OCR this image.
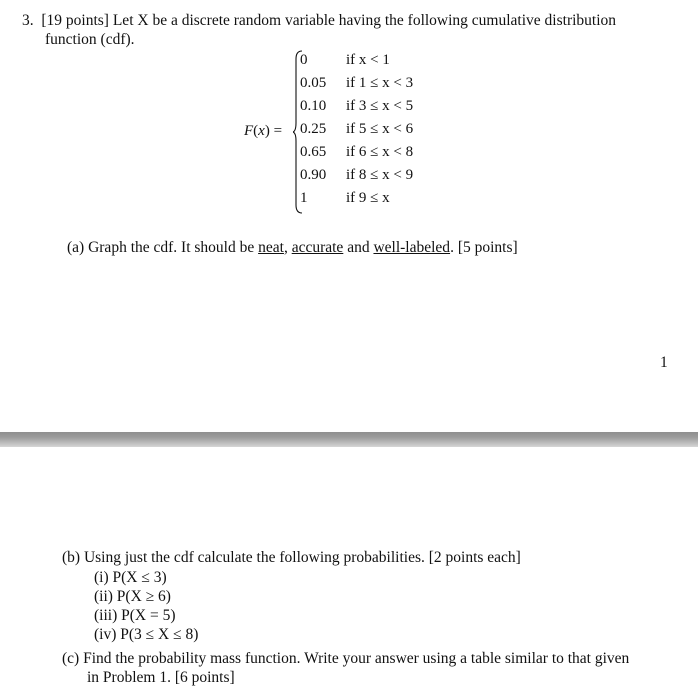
3. [19 points] Let X be a discrete random variable having the following cumulative distribution
function (cdf).
F(x) =
0
0.05
0.10
0.25
0.65
0.90
1
if x < 1
if 1 ≤ x < 3
if 3 ≤ x < 5
if 5 ≤ x < 6
if 6 ≤ x < 8
if 8 ≤ x < 9
if 9 ≤ x
(a) Graph the cdf. It should be neat, accurate and well-labeled. [5 points]
1
(b) Using just the cdf calculate the following probabilities. [2 points each]
(i) P(X ≤ 3)
(ii) P(X ≥ 6)
(iii) P(X = 5)
(iv) P(3 ≤ X ≤ 8)
(c) Find the probability mass function. Write your answer using a table similar to that given
in Problem 1. [6 points]
